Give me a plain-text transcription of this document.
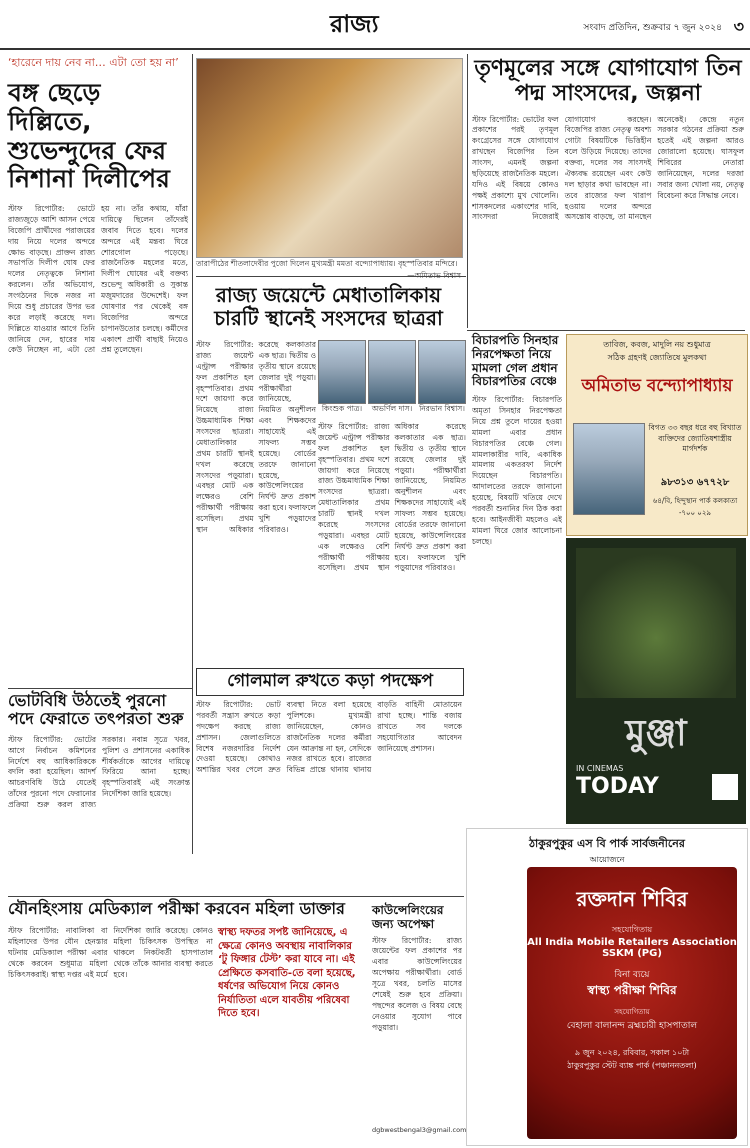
রাজ্য	সংবাদ প্রতিদিন, শুক্রবার ৭ জুন ২০২৪ ৩
‘হারেনে দায় নেব না… এটা তো হয় না’
বঙ্গ ছেড়ে দিল্লিতে, শুভেন্দুদের ফের নিশানা দিলীপের
স্টাফ রিপোর্টার: ভোটে রাজ্যজুড়ে আশি আসন পেয়ে বিজেপি প্রার্থীদের পরাজয়ের দায় নিয়ে দলের অন্দরে ক্ষোভ বাড়ছে। প্রাক্তন রাজ্য সভাপতি দিলীপ ঘোষ ফের দলের নেতৃত্বকে নিশানা করলেন। তাঁর অভিযোগ, সংগঠনের দিকে নজর না দিয়ে শুধু প্রচারের উপর ভর করে লড়াই করেছে দল। দিল্লিতে যাওয়ার আগে তিনি জানিয়ে দেন, হারের দায় কেউ নিচ্ছেন না, এটা তো হয় না। তাঁর কথায়, যাঁরা দায়িত্বে ছিলেন তাঁদেরই জবাব দিতে হবে। দলের অন্দরে এই মন্তব্য ঘিরে শোরগোল পড়েছে। রাজনৈতিক মহলের মতে, দিলীপ ঘোষের এই বক্তব্য শুভেন্দু অধিকারী ও সুকান্ত মজুমদারের উদ্দেশেই। ফল ঘোষণার পর থেকেই বঙ্গ বিজেপির অন্দরে চাপানউতোর চলছে। কর্মীদের একাংশ প্রার্থী বাছাই নিয়েও প্রশ্ন তুলেছেন।
তারাপীঠের শীতলাদেবীর পুজো দিলেন মুখ্যমন্ত্রী মমতা বন্দ্যোপাধ্যায়। বৃহস্পতিবার মন্দিরে।
তৃণমূলের সঙ্গে যোগাযোগ তিন পদ্ম সাংসদের, জল্পনা
স্টাফ রিপোর্টার: ভোটের ফল প্রকাশের পরই তৃণমূল কংগ্রেসের সঙ্গে যোগাযোগ রাখছেন বিজেপির তিন সাংসদ, এমনই জল্পনা ছড়িয়েছে রাজনৈতিক মহলে। যদিও এই বিষয়ে কোনও পক্ষই প্রকাশ্যে মুখ খোলেনি। শাসকদলের একাংশের দাবি, সাংসদরা নিজেরাই যোগাযোগ করছেন। বিজেপির রাজ্য নেতৃত্ব অবশ্য গোটা বিষয়টিকে ভিত্তিহীন বলে উড়িয়ে দিয়েছে। তাদের বক্তব্য, দলের সব সাংসদই ঐক্যবদ্ধ রয়েছেন এবং কেউ দল ছাড়ার কথা ভাবছেন না। তবে রাজ্যের ফল খারাপ হওয়ায় দলের অন্দরে অসন্তোষ বাড়ছে, তা মানছেন অনেকেই। কেন্দ্রে নতুন সরকার গঠনের প্রক্রিয়া শুরু হতেই এই জল্পনা আরও জোরালো হয়েছে। ঘাসফুল শিবিরের নেতারা জানিয়েছেন, দলের দরজা সবার জন্য খোলা নয়, নেতৃত্ব বিবেচনা করে সিদ্ধান্ত নেবে।
রাজ্য জয়েন্টে মেধাতালিকায় চারটি স্থানেই সংসদের ছাত্ররা
স্টাফ রিপোর্টার: রাজ্য জয়েন্ট এন্ট্রান্স পরীক্ষার ফল প্রকাশিত হল বৃহস্পতিবার। প্রথম দশে জায়গা করে নিয়েছে রাজ্য উচ্চমাধ্যমিক শিক্ষা সংসদের ছাত্ররা। মেধাতালিকার প্রথম চারটি স্থানই দখল করেছে সংসদের পড়ুয়ারা। এবছর মোট এক লক্ষেরও বেশি পরীক্ষার্থী পরীক্ষায় বসেছিল। প্রথম স্থান অধিকার করেছে কলকাতার এক ছাত্র। দ্বিতীয় ও তৃতীয় স্থানে রয়েছে জেলার দুই পড়ুয়া। পরীক্ষার্থীরা জানিয়েছে, নিয়মিত অনুশীলন এবং শিক্ষকদের সাহায্যেই এই সাফল্য সম্ভব হয়েছে। বোর্ডের তরফে জানানো হয়েছে, কাউন্সেলিংয়ের নির্ঘণ্ট দ্রুত প্রকাশ করা হবে। ফলাফলে খুশি পড়ুয়াদের পরিবারও।
কিংশুক পাত্র।	অভর্ণিল দাস। নিরভান বিশ্বাস।
স্টাফ রিপোর্টার: রাজ্য জয়েন্ট এন্ট্রান্স পরীক্ষার ফল প্রকাশিত হল বৃহস্পতিবার। প্রথম দশে জায়গা করে নিয়েছে রাজ্য উচ্চমাধ্যমিক শিক্ষা সংসদের ছাত্ররা। মেধাতালিকার প্রথম চারটি স্থানই দখল করেছে সংসদের পড়ুয়ারা। এবছর মোট এক লক্ষেরও বেশি পরীক্ষার্থী পরীক্ষায় বসেছিল। প্রথম স্থান অধিকার করেছে কলকাতার এক ছাত্র। দ্বিতীয় ও তৃতীয় স্থানে রয়েছে জেলার দুই পড়ুয়া। পরীক্ষার্থীরা জানিয়েছে, নিয়মিত অনুশীলন এবং শিক্ষকদের সাহায্যেই এই সাফল্য সম্ভব হয়েছে। বোর্ডের তরফে জানানো হয়েছে, কাউন্সেলিংয়ের নির্ঘণ্ট দ্রুত প্রকাশ করা হবে। ফলাফলে খুশি পড়ুয়াদের পরিবারও।
বিচারপতি সিনহার নিরপেক্ষতা নিয়ে মামলা গেল প্রধান বিচারপতির বেঞ্চে
স্টাফ রিপোর্টার: বিচারপতি অমৃতা সিনহার নিরপেক্ষতা নিয়ে প্রশ্ন তুলে দায়ের হওয়া মামলা এবার প্রধান বিচারপতির বেঞ্চে গেল। মামলাকারীর দাবি, একাধিক মামলায় একতরফা নির্দেশ দিয়েছেন বিচারপতি। আদালতের তরফে জানানো হয়েছে, বিষয়টি খতিয়ে দেখে পরবর্তী শুনানির দিন ঠিক করা হবে। আইনজীবী মহলেও এই মামলা ঘিরে জোর আলোচনা চলছে।
তাবিজ, কবজ, মাদুলি নয় শুধুমাত্র
সঠিক গ্রহণই জ্যোতিষে মুলকথা
অমিতাভ বন্দ্যোপাধ্যায়
বিগত ৩৩ বছর ধরে বহু বিখ্যাত ব্যক্তিদের জ্যোতিষশাস্ত্রীয় মার্গদর্শক
৯৮৩১৩ ৬৭৭২৮
৬৪/বি, হিন্দুস্থান পার্ক কলকাতা -৭০০ ০২৯
মুঞ্জা
IN CINEMAS
TODAY
ভোটবিধি উঠতেই পুরনো পদে ফেরাতে তৎপরতা শুরু
স্টাফ রিপোর্টার: ভোটের আগে নির্বাচন কমিশনের নির্দেশে বহু আধিকারিককে বদলি করা হয়েছিল। আদর্শ আচরণবিধি উঠে যেতেই তাঁদের পুরনো পদে ফেরানোর প্রক্রিয়া শুরু করল রাজ্য সরকার। নবান্ন সূত্রে খবর, পুলিশ ও প্রশাসনের একাধিক শীর্ষকর্তাকে আগের দায়িত্বে ফিরিয়ে আনা হচ্ছে। বৃহস্পতিবারই এই সংক্রান্ত নির্দেশিকা জারি হয়েছে।
গোলমাল রুখতে কড়া পদক্ষেপ
স্টাফ রিপোর্টার: ভোট পরবর্তী সন্ত্রাস রুখতে কড়া পদক্ষেপ করছে রাজ্য প্রশাসন। জেলাগুলিতে বিশেষ নজরদারির নির্দেশ দেওয়া হয়েছে। কোথাও অশান্তির খবর পেলে দ্রুত ব্যবস্থা নিতে বলা হয়েছে পুলিশকে। মুখ্যমন্ত্রী জানিয়েছেন, কোনও রাজনৈতিক দলের কর্মীরা যেন আক্রান্ত না হন, সেদিকে নজর রাখতে হবে। রাজ্যের বিভিন্ন প্রান্তে থানায় থানায় বাড়তি বাহিনী মোতায়েন রাখা হচ্ছে। শান্তি বজায় রাখতে সব দলকে সহযোগিতার আবেদন জানিয়েছে প্রশাসন।
ঠাকুরপুকুর এস বি পার্ক সার্বজনীনের
আয়োজনে
রক্তদান শিবির
সহযোগিতায়
All India Mobile Retailers Association
SSKM (PG)
বিনা ব্যয়ে
স্বাস্থ্য পরীক্ষা শিবির
সহযোগিতায়
বেহালা বালানন্দ ব্রহ্মচারী হাসপাতাল
৯ জুন ২০২৪, রবিবার, সকাল ১০টা
ঠাকুরপুকুর স্টেট ব্যাঙ্ক পার্ক (পঞ্চাননতলা)
কাউন্সেলিংয়ের জন্য অপেক্ষা
স্টাফ রিপোর্টার: রাজ্য জয়েন্টের ফল প্রকাশের পর এবার কাউন্সেলিংয়ের অপেক্ষায় পরীক্ষার্থীরা। বোর্ড সূত্রে খবর, চলতি মাসের শেষেই শুরু হবে প্রক্রিয়া। পছন্দের কলেজ ও বিষয় বেছে নেওয়ার সুযোগ পাবে পড়ুয়ারা।
dgbwestbengal3@gmail.com
যৌনহিংসায় মেডিক্যাল পরীক্ষা করবেন মহিলা ডাক্তার
স্টাফ রিপোর্টার: নাবালিকা বা মহিলাদের উপর যৌন হেনস্তার ঘটনায় মেডিক্যাল পরীক্ষা এবার থেকে করবেন শুধুমাত্র মহিলা চিকিৎসকরাই। স্বাস্থ্য দপ্তর এই মর্মে নির্দেশিকা জারি করেছে। কোনও মহিলা চিকিৎসক উপস্থিত না থাকলে নিকটবর্তী হাসপাতাল থেকে তাঁকে আনার ব্যবস্থা করতে হবে।
স্বাস্থ্য দফতর সপষ্ট জানিয়েছে, এ ক্ষেত্রে কোনও অবস্থায় নাবালিকার ‘টু ফিঙ্গার টেস্ট’ করা যাবে না। এই প্রেক্ষিতে কসবাতি-তে বলা হয়েছে, ধর্ষণের অভিযোগ নিয়ে কোনও নির্যাতিতা এলে যাবতীয় পরিষেবা দিতে হবে।
